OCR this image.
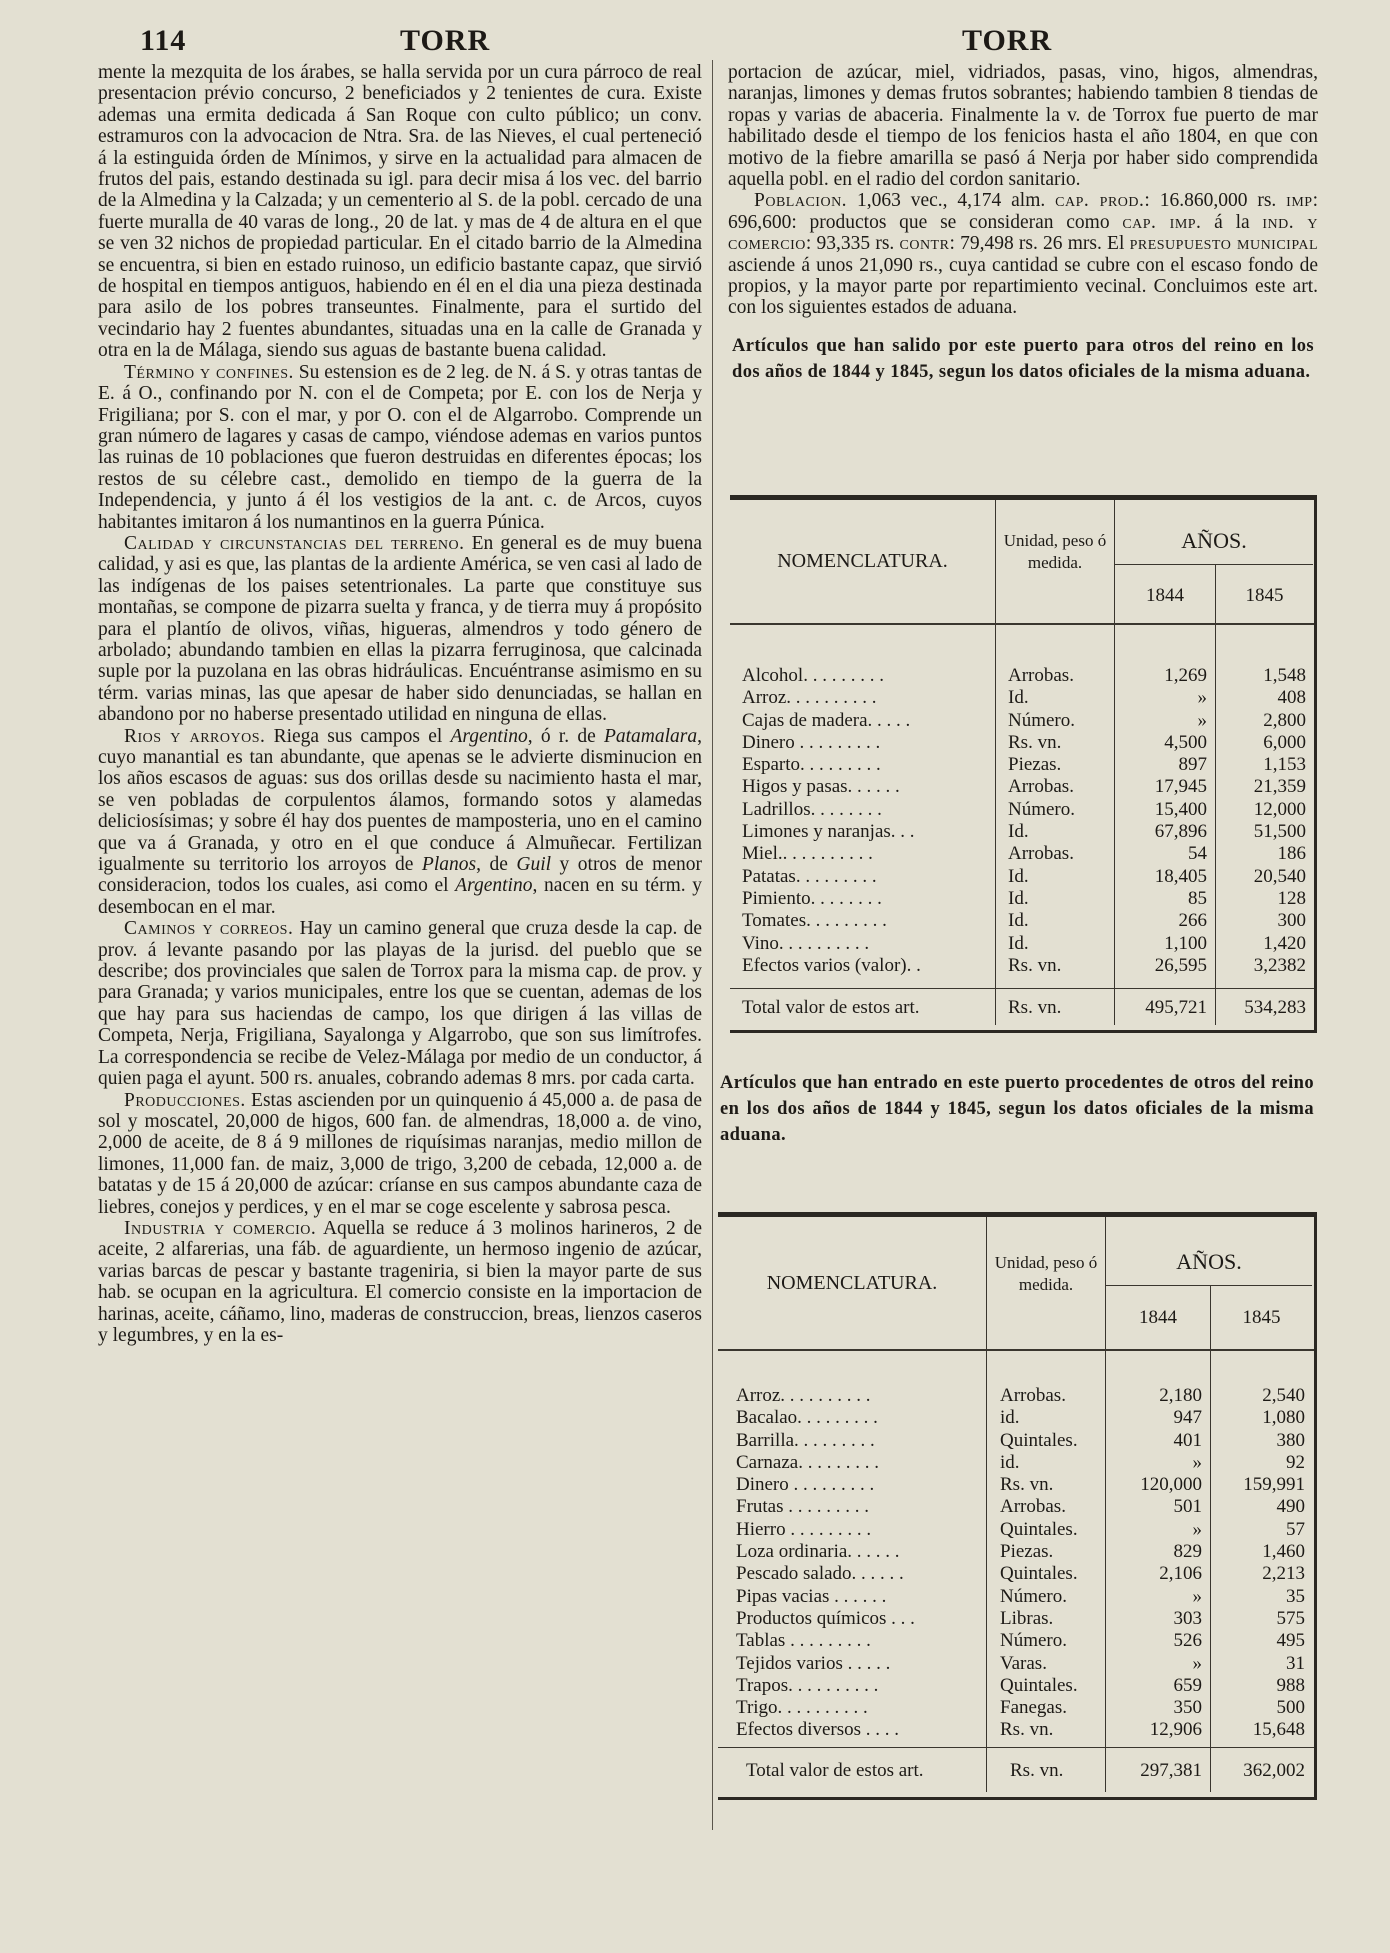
114	TORR	TORR

mente la mezquita de los árabes, se halla servida por un cura párroco de real presentacion prévio concurso, 2 beneficiados y 2 tenientes de cura. Existe ademas una ermita dedicada á San Roque con culto público; un conv. estramuros con la advocacion de Ntra. Sra. de las Nieves, el cual perteneció á la estinguida órden de Mínimos, y sirve en la actualidad para almacen de frutos del pais, estando destinada su igl. para decir misa á los vec. del barrio de la Almedina y la Calzada; y un cementerio al S. de la pobl. cercado de una fuerte muralla de 40 varas de long., 20 de lat. y mas de 4 de altura en el que se ven 32 nichos de propiedad particular. En el citado barrio de la Almedina se encuentra, si bien en estado ruinoso, un edificio bastante capaz, que sirvió de hospital en tiempos antiguos, habiendo en él en el dia una pieza destinada para asilo de los pobres transeuntes. Finalmente, para el surtido del vecindario hay 2 fuentes abundantes, situadas una en la calle de Granada y otra en la de Málaga, siendo sus aguas de bastante buena calidad.

Término y confines. Su estension es de 2 leg. de N. á S. y otras tantas de E. á O., confinando por N. con el de Competa; por E. con los de Nerja y Frigiliana; por S. con el mar, y por O. con el de Algarrobo. Comprende un gran número de lagares y casas de campo, viéndose ademas en varios puntos las ruinas de 10 poblaciones que fueron destruidas en diferentes épocas; los restos de su célebre cast., demolido en tiempo de la guerra de la Independencia, y junto á él los vestigios de la ant. c. de Arcos, cuyos habitantes imitaron á los numantinos en la guerra Púnica.

Calidad y circunstancias del terreno. En general es de muy buena calidad, y asi es que, las plantas de la ardiente América, se ven casi al lado de las indígenas de los paises setentrionales. La parte que constituye sus montañas, se compone de pizarra suelta y franca, y de tierra muy á propósito para el plantío de olivos, viñas, higueras, almendros y todo género de arbolado; abundando tambien en ellas la pizarra ferruginosa, que calcinada suple por la puzolana en las obras hidráulicas. Encuéntranse asimismo en su térm. varias minas, las que apesar de haber sido denunciadas, se hallan en abandono por no haberse presentado utilidad en ninguna de ellas.

Rios y arroyos. Riega sus campos el Argentino, ó r. de Patamalara, cuyo manantial es tan abundante, que apenas se le advierte disminucion en los años escasos de aguas: sus dos orillas desde su nacimiento hasta el mar, se ven pobladas de corpulentos álamos, formando sotos y alamedas deliciosísimas; y sobre él hay dos puentes de mamposteria, uno en el camino que va á Granada, y otro en el que conduce á Almuñecar. Fertilizan igualmente su territorio los arroyos de Planos, de Guil y otros de menor consideracion, todos los cuales, asi como el Argentino, nacen en su térm. y desembocan en el mar.

Caminos y correos. Hay un camino general que cruza desde la cap. de prov. á levante pasando por las playas de la jurisd. del pueblo que se describe; dos provinciales que salen de Torrox para la misma cap. de prov. y para Granada; y varios municipales, entre los que se cuentan, ademas de los que hay para sus haciendas de campo, los que dirigen á las villas de Competa, Nerja, Frigiliana, Sayalonga y Algarrobo, que son sus limítrofes. La correspondencia se recibe de Velez-Málaga por medio de un conductor, á quien paga el ayunt. 500 rs. anuales, cobrando ademas 8 mrs. por cada carta.

Producciones. Estas ascienden por un quinquenio á 45,000 a. de pasa de sol y moscatel, 20,000 de higos, 600 fan. de almendras, 18,000 a. de vino, 2,000 de aceite, de 8 á 9 millones de riquísimas naranjas, medio millon de limones, 11,000 fan. de maiz, 3,000 de trigo, 3,200 de cebada, 12,000 a. de batatas y de 15 á 20,000 de azúcar: críanse en sus campos abundante caza de liebres, conejos y perdices, y en el mar se coge escelente y sabrosa pesca.

Industria y comercio. Aquella se reduce á 3 molinos harineros, 2 de aceite, 2 alfarerias, una fáb. de aguardiente, un hermoso ingenio de azúcar, varias barcas de pescar y bastante trageniria, si bien la mayor parte de sus hab. se ocupan en la agricultura. El comercio consiste en la importacion de harinas, aceite, cáñamo, lino, maderas de construccion, breas, lienzos caseros y legumbres, y en la es-

portacion de azúcar, miel, vidriados, pasas, vino, higos, almendras, naranjas, limones y demas frutos sobrantes; habiendo tambien 8 tiendas de ropas y varias de abaceria. Finalmente la v. de Torrox fue puerto de mar habilitado desde el tiempo de los fenicios hasta el año 1804, en que con motivo de la fiebre amarilla se pasó á Nerja por haber sido comprendida aquella pobl. en el radio del cordon sanitario.

Poblacion. 1,063 vec., 4,174 alm. cap. prod.: 16.860,000 rs. imp: 696,600: productos que se consideran como cap. imp. á la ind. y comercio: 93,335 rs. contr: 79,498 rs. 26 mrs. El presupuesto municipal asciende á unos 21,090 rs., cuya cantidad se cubre con el escaso fondo de propios, y la mayor parte por repartimiento vecinal. Concluimos este art. con los siguientes estados de aduana.

Artículos que han salido por este puerto para otros del reino en los dos años de 1844 y 1845, segun los datos oficiales de la misma aduana.
NOMENCLATURA.
Unidad, peso ó medida.
AÑOS.
1844	1845
Alcohol. . . . . . . . .	Arrobas.	1,269	1,548
Arroz. . . . . . . . . .	Id.	»	408
Cajas de madera. . . . .	Número.	»	2,800
Dinero . . . . . . . . .	Rs. vn.	4,500	6,000
Esparto. . . . . . . . .	Piezas.	897	1,153
Higos y pasas. . . . . .	Arrobas.	17,945	21,359
Ladrillos. . . . . . . .	Número.	15,400	12,000
Limones y naranjas. . .	Id.	67,896	51,500
Miel.. . . . . . . . . .	Arrobas.	54	186
Patatas. . . . . . . . .	Id.	18,405	20,540
Pimiento. . . . . . . .	Id.	85	128
Tomates. . . . . . . . .	Id.	266	300
Vino. . . . . . . . . .	Id.	1,100	1,420
Efectos varios (valor). .	Rs. vn.	26,595	3,2382
Total valor de estos art.	Rs. vn.	495,721	534,283
Artículos que han entrado en este puerto procedentes de otros del reino en los dos años de 1844 y 1845, segun los datos oficiales de la misma aduana.
NOMENCLATURA.
Unidad, peso ó medida.
AÑOS.
1844	1845
Arroz. . . . . . . . . .	Arrobas.	2,180	2,540
Bacalao. . . . . . . . .	id.	947	1,080
Barrilla. . . . . . . . .	Quintales.	401	380
Carnaza. . . . . . . . .	id.	»	92
Dinero . . . . . . . . .	Rs. vn.	120,000	159,991
Frutas . . . . . . . . .	Arrobas.	501	490
Hierro . . . . . . . . .	Quintales.	»	57
Loza ordinaria. . . . . .	Piezas.	829	1,460
Pescado salado. . . . . .	Quintales.	2,106	2,213
Pipas vacias . . . . . .	Número.	»	35
Productos químicos . . .	Libras.	303	575
Tablas . . . . . . . . .	Número.	526	495
Tejidos varios . . . . .	Varas.	»	31
Trapos. . . . . . . . . .	Quintales.	659	988
Trigo. . . . . . . . . .	Fanegas.	350	500
Efectos diversos . . . .	Rs. vn.	12,906	15,648
Total valor de estos art.	Rs. vn.	297,381	362,002
